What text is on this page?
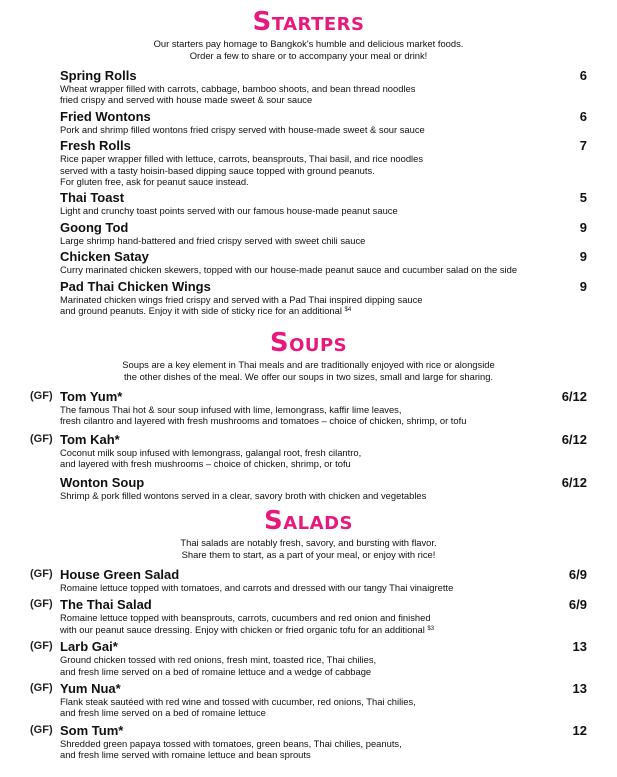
Starters
Our starters pay homage to Bangkok's humble and delicious market foods.
Order a few to share or to accompany your meal or drink!
Spring Rolls	6
Wheat wrapper filled with carrots, cabbage, bamboo shoots, and bean thread noodles
fried crispy and served with house made sweet & sour sauce
Fried Wontons	6
Pork and shrimp filled wontons fried crispy served with house-made sweet & sour sauce
Fresh Rolls	7
Rice paper wrapper filled with lettuce, carrots, beansprouts, Thai basil, and rice noodles
served with a tasty hoisin-based dipping sauce topped with ground peanuts.
For gluten free, ask for peanut sauce instead.
Thai Toast	5
Light and crunchy toast points served with our famous house-made peanut sauce
Goong Tod	9
Large shrimp hand-battered and fried crispy served with sweet chili sauce
Chicken Satay	9
Curry marinated chicken skewers, topped with our house-made peanut sauce and cucumber salad on the side
Pad Thai Chicken Wings	9
Marinated chicken wings fried crispy and served with a Pad Thai inspired dipping sauce
and ground peanuts. Enjoy it with side of sticky rice for an additional $^{\$4}$
Soups
Soups are a key element in Thai meals and are traditionally enjoyed with rice or alongside
the other dishes of the meal. We offer our soups in two sizes, small and large for sharing.
(GF) Tom Yum*	6/12
The famous Thai hot & sour soup infused with lime, lemongrass, kaffir lime leaves,
fresh cilantro and layered with fresh mushrooms and tomatoes – choice of chicken, shrimp, or tofu
(GF) Tom Kah*	6/12
Coconut milk soup infused with lemongrass, galangal root, fresh cilantro,
and layered with fresh mushrooms – choice of chicken, shrimp, or tofu
Wonton Soup	6/12
Shrimp & pork filled wontons served in a clear, savory broth with chicken and vegetables
Salads
Thai salads are notably fresh, savory, and bursting with flavor.
Share them to start, as a part of your meal, or enjoy with rice!
(GF) House Green Salad	6/9
Romaine lettuce topped with tomatoes, and carrots and dressed with our tangy Thai vinaigrette
(GF) The Thai Salad	6/9
Romaine lettuce topped with beansprouts, carrots, cucumbers and red onion and finished
with our peanut sauce dressing. Enjoy with chicken or fried organic tofu for an additional $^{\$3}$
(GF) Larb Gai*	13
Ground chicken tossed with red onions, fresh mint, toasted rice, Thai chilies,
and fresh lime served on a bed of romaine lettuce and a wedge of cabbage
(GF) Yum Nua*	13
Flank steak sautéed with red wine and tossed with cucumber, red onions, Thai chilies,
and fresh lime served on a bed of romaine lettuce
(GF) Som Tum*	12
Shredded green papaya tossed with tomatoes, green beans, Thai chilies, peanuts,
and fresh lime served with romaine lettuce and bean sprouts
